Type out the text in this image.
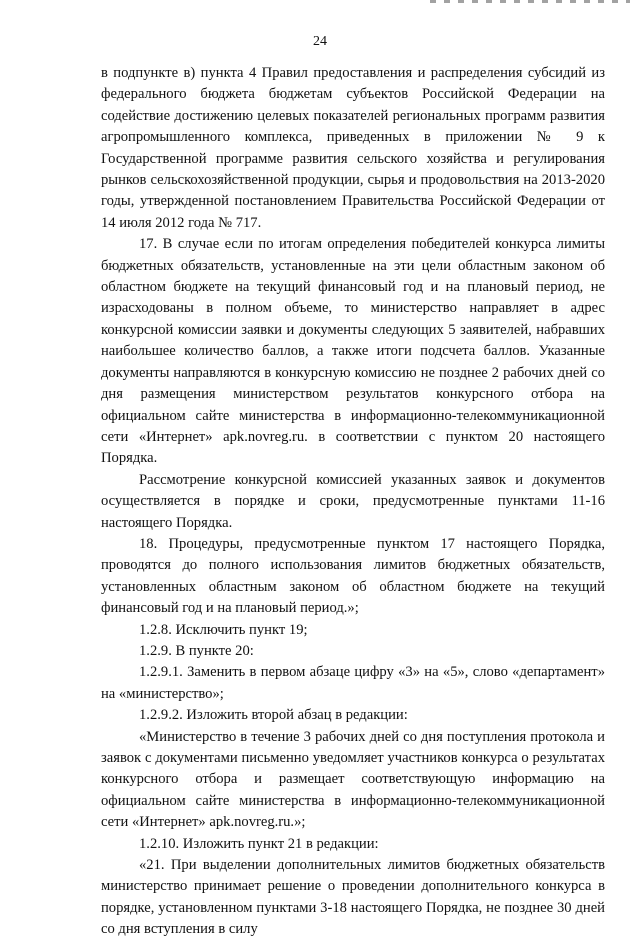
24

в подпункте в) пункта 4 Правил предоставления и распределения субсидий из федерального бюджета бюджетам субъектов Российской Федерации на содействие достижению целевых показателей региональных программ развития агропромышленного комплекса, приведенных в приложении № 9 к Государственной программе развития сельского хозяйства и регулирования рынков сельскохозяйственной продукции, сырья и продовольствия на 2013-2020 годы, утвержденной постановлением Правительства Российской Федерации от 14 июля 2012 года № 717.

17. В случае если по итогам определения победителей конкурса лимиты бюджетных обязательств, установленные на эти цели областным законом об областном бюджете на текущий финансовый год и на плановый период, не израсходованы в полном объеме, то министерство направляет в адрес конкурсной комиссии заявки и документы следующих 5 заявителей, набравших наибольшее количество баллов, а также итоги подсчета баллов. Указанные документы направляются в конкурсную комиссию не позднее 2 рабочих дней со дня размещения министерством результатов конкурсного отбора на официальном сайте министерства в информационно-телекоммуникационной сети «Интернет» apk.novreg.ru. в соответствии с пунктом 20 настоящего Порядка.

Рассмотрение конкурсной комиссией указанных заявок и документов осуществляется в порядке и сроки, предусмотренные пунктами 11-16 настоящего Порядка.

18. Процедуры, предусмотренные пунктом 17 настоящего Порядка, проводятся до полного использования лимитов бюджетных обязательств, установленных областным законом об областном бюджете на текущий финансовый год и на плановый период.»;

1.2.8. Исключить пункт 19;

1.2.9. В пункте 20:

1.2.9.1. Заменить в первом абзаце цифру «3» на «5», слово «департамент» на «министерство»;

1.2.9.2. Изложить второй абзац в редакции:

«Министерство в течение 3 рабочих дней со дня поступления протокола и заявок с документами письменно уведомляет участников конкурса о результатах конкурсного отбора и размещает соответствующую информацию на официальном сайте министерства в информационно-телекоммуникационной сети «Интернет» apk.novreg.ru.»;

1.2.10. Изложить пункт 21 в редакции:

«21. При выделении дополнительных лимитов бюджетных обязательств министерство принимает решение о проведении дополнительного конкурса в порядке, установленном пунктами 3-18 настоящего Порядка, не позднее 30 дней со дня вступления в силу
